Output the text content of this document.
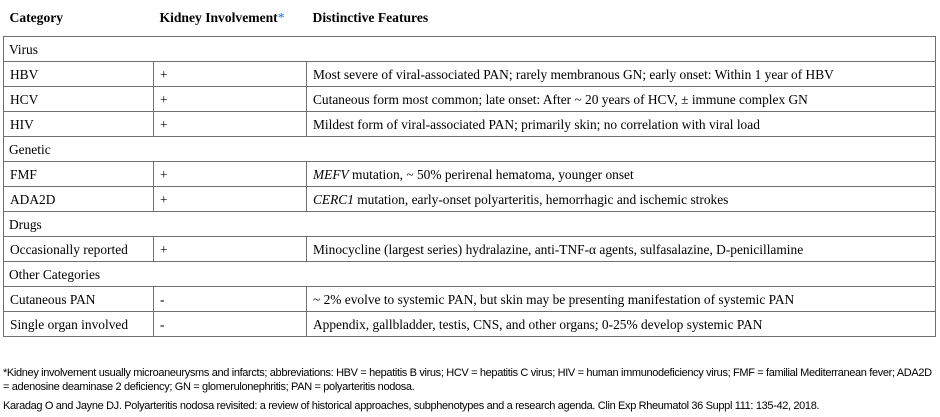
Category	Kidney Involvement*	Distinctive Features
Virus		
HBV	+	Most severe of viral-associated PAN; rarely membranous GN; early onset: Within 1 year of HBV
HCV	+	Cutaneous form most common; late onset: After ~ 20 years of HCV, ± immune complex GN
HIV	+	Mildest form of viral-associated PAN; primarily skin; no correlation with viral load
Genetic		
FMF	+	MEFV mutation, ~ 50% perirenal hematoma, younger onset
ADA2D	+	CERC1 mutation, early-onset polyarteritis, hemorrhagic and ischemic strokes
Drugs		
Occasionally reported	+	Minocycline (largest series) hydralazine, anti-TNF-α agents, sulfasalazine, D-penicillamine
Other Categories		
Cutaneous PAN	-	~ 2% evolve to systemic PAN, but skin may be presenting manifestation of systemic PAN
Single organ involved	-	Appendix, gallbladder, testis, CNS, and other organs; 0-25% develop systemic PAN
*Kidney involvement usually microaneurysms and infarcts; abbreviations: HBV = hepatitis B virus; HCV = hepatitis C virus; HIV = human immunodeficiency virus; FMF = familial Mediterranean fever; ADA2D = adenosine deaminase 2 deficiency; GN = glomerulonephritis; PAN = polyarteritis nodosa.
Karadag O and Jayne DJ. Polyarteritis nodosa revisited: a review of historical approaches, subphenotypes and a research agenda. Clin Exp Rheumatol 36 Suppl 111: 135-42, 2018.
